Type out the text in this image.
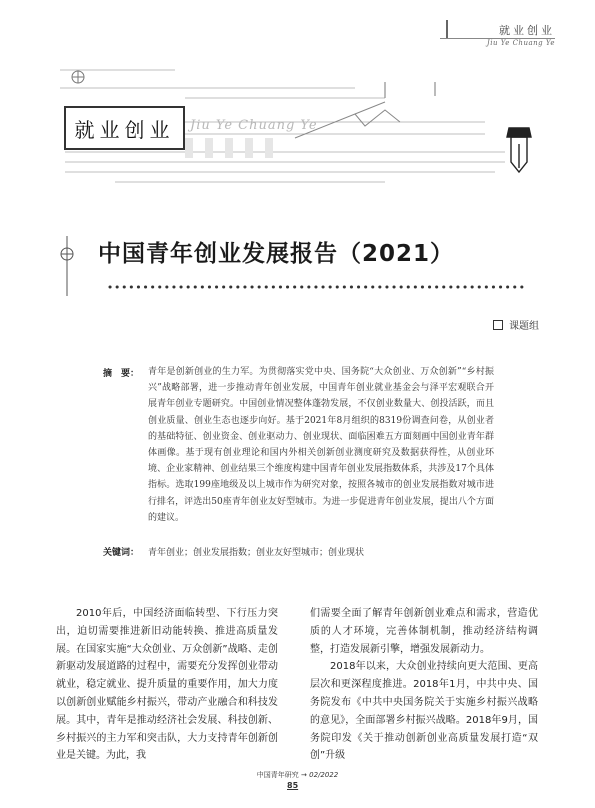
就业创业
Jiu Ye Chuang Ye
就业创业 Jiu Ye Chuang Ye
中国青年创业发展报告（2021）
课题组
摘　要： 青年是创新创业的生力军。为贯彻落实党中央、国务院“大众创业、万众创新”“乡村振兴”战略部署，进一步推动青年创业发展，中国青年创业就业基金会与泽平宏观联合开展青年创业专题研究。中国创业情况整体蓬勃发展，不仅创业数量大、创投活跃，而且创业质量、创业生态也逐步向好。基于2021年8月组织的8319份调查问卷，从创业者的基础特征、创业资金、创业驱动力、创业现状、面临困难五方面刻画中国创业青年群体画像。基于现有创业理论和国内外相关创新创业测度研究及数据获得性，从创业环境、企业家精神、创业结果三个维度构建中国青年创业发展指数体系，共涉及17个具体指标。选取199座地级及以上城市作为研究对象，按照各城市的创业发展指数对城市进行排名，评选出50座青年创业友好型城市。为进一步促进青年创业发展，提出八个方面的建议。
关键词： 青年创业；创业发展指数；创业友好型城市；创业现状

2010年后，中国经济面临转型、下行压力突出，迫切需要推进新旧动能转换、推进高质量发展。在国家实施“大众创业、万众创新”战略、走创新驱动发展道路的过程中，需要充分发挥创业带动就业，稳定就业、提升质量的重要作用，加大力度以创新创业赋能乡村振兴，带动产业融合和科技发展。其中，青年是推动经济社会发展、科技创新、乡村振兴的主力军和突击队，大力支持青年创新创业是关键。为此，我

们需要全面了解青年创新创业难点和需求，营造优质的人才环境，完善体制机制，推动经济结构调整，打造发展新引擎，增强发展新动力。

2018年以来，大众创业持续向更大范围、更高层次和更深程度推进。2018年1月，中共中央、国务院发布《中共中央国务院关于实施乡村振兴战略的意见》，全面部署乡村振兴战略。2018年9月，国务院印发《关于推动创新创业高质量发展打造“双创”升级

中国青年研究 → 02/2022
85
